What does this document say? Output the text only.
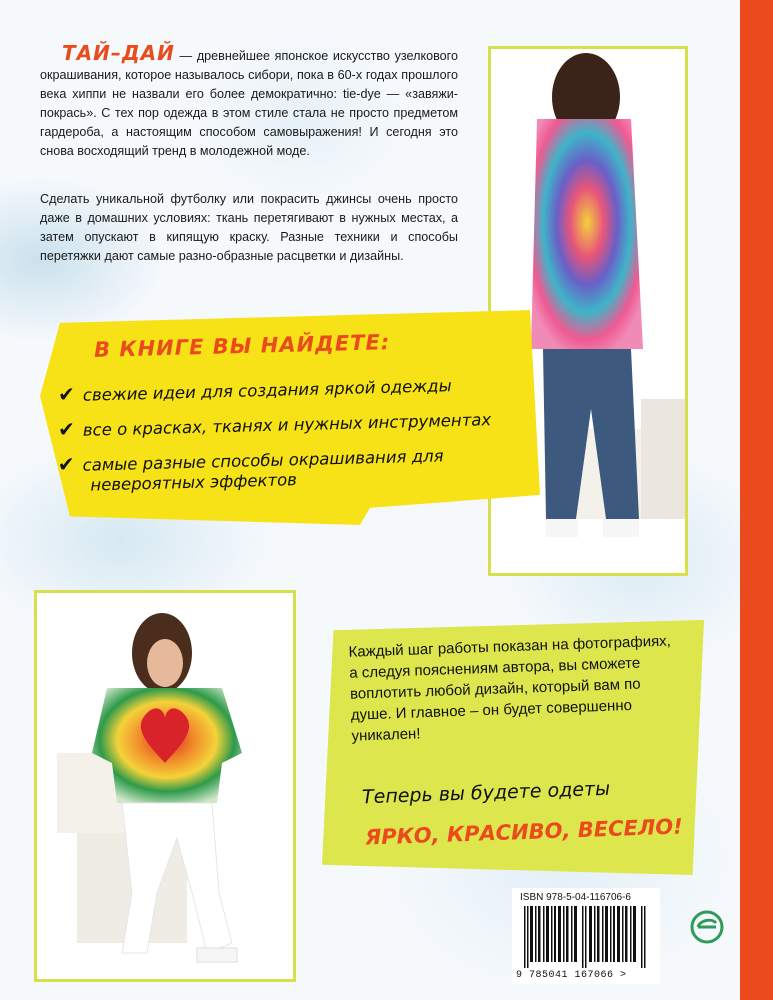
ТАЙ–ДАЙ — древнейшее японское искусство узелкового окрашивания, которое называлось сибори, пока в 60-х годах прошлого века хиппи не назвали его более демократично: tie-dye — «завяжи-покрась». С тех пор одежда в этом стиле стала не просто предметом гардероба, а настоящим способом самовыражения! И сегодня это снова восходящий тренд в молодежной моде.
Сделать уникальной футболку или покрасить джинсы очень просто даже в домашних условиях: ткань перетягивают в нужных местах, а затем опускают в кипящую краску. Разные техники и способы перетяжки дают самые разно-образные расцветки и дизайны.
В КНИГЕ ВЫ НАЙДЕТЕ:
✔ свежие идеи для создания яркой одежды
✔ все о красках, тканях и нужных инструментах
✔ самые разные способы окрашивания для
невероятных эффектов
Каждый шаг работы показан на фотографиях, а следуя пояснениям автора, вы сможете воплотить любой дизайн, который вам по душе. И главное – он будет совершенно уникален!
Теперь вы будете одеты
ЯРКО, КРАСИВО, ВЕСЕЛО!
ISBN 978-5-04-116706-6
9 785041 167066 >
